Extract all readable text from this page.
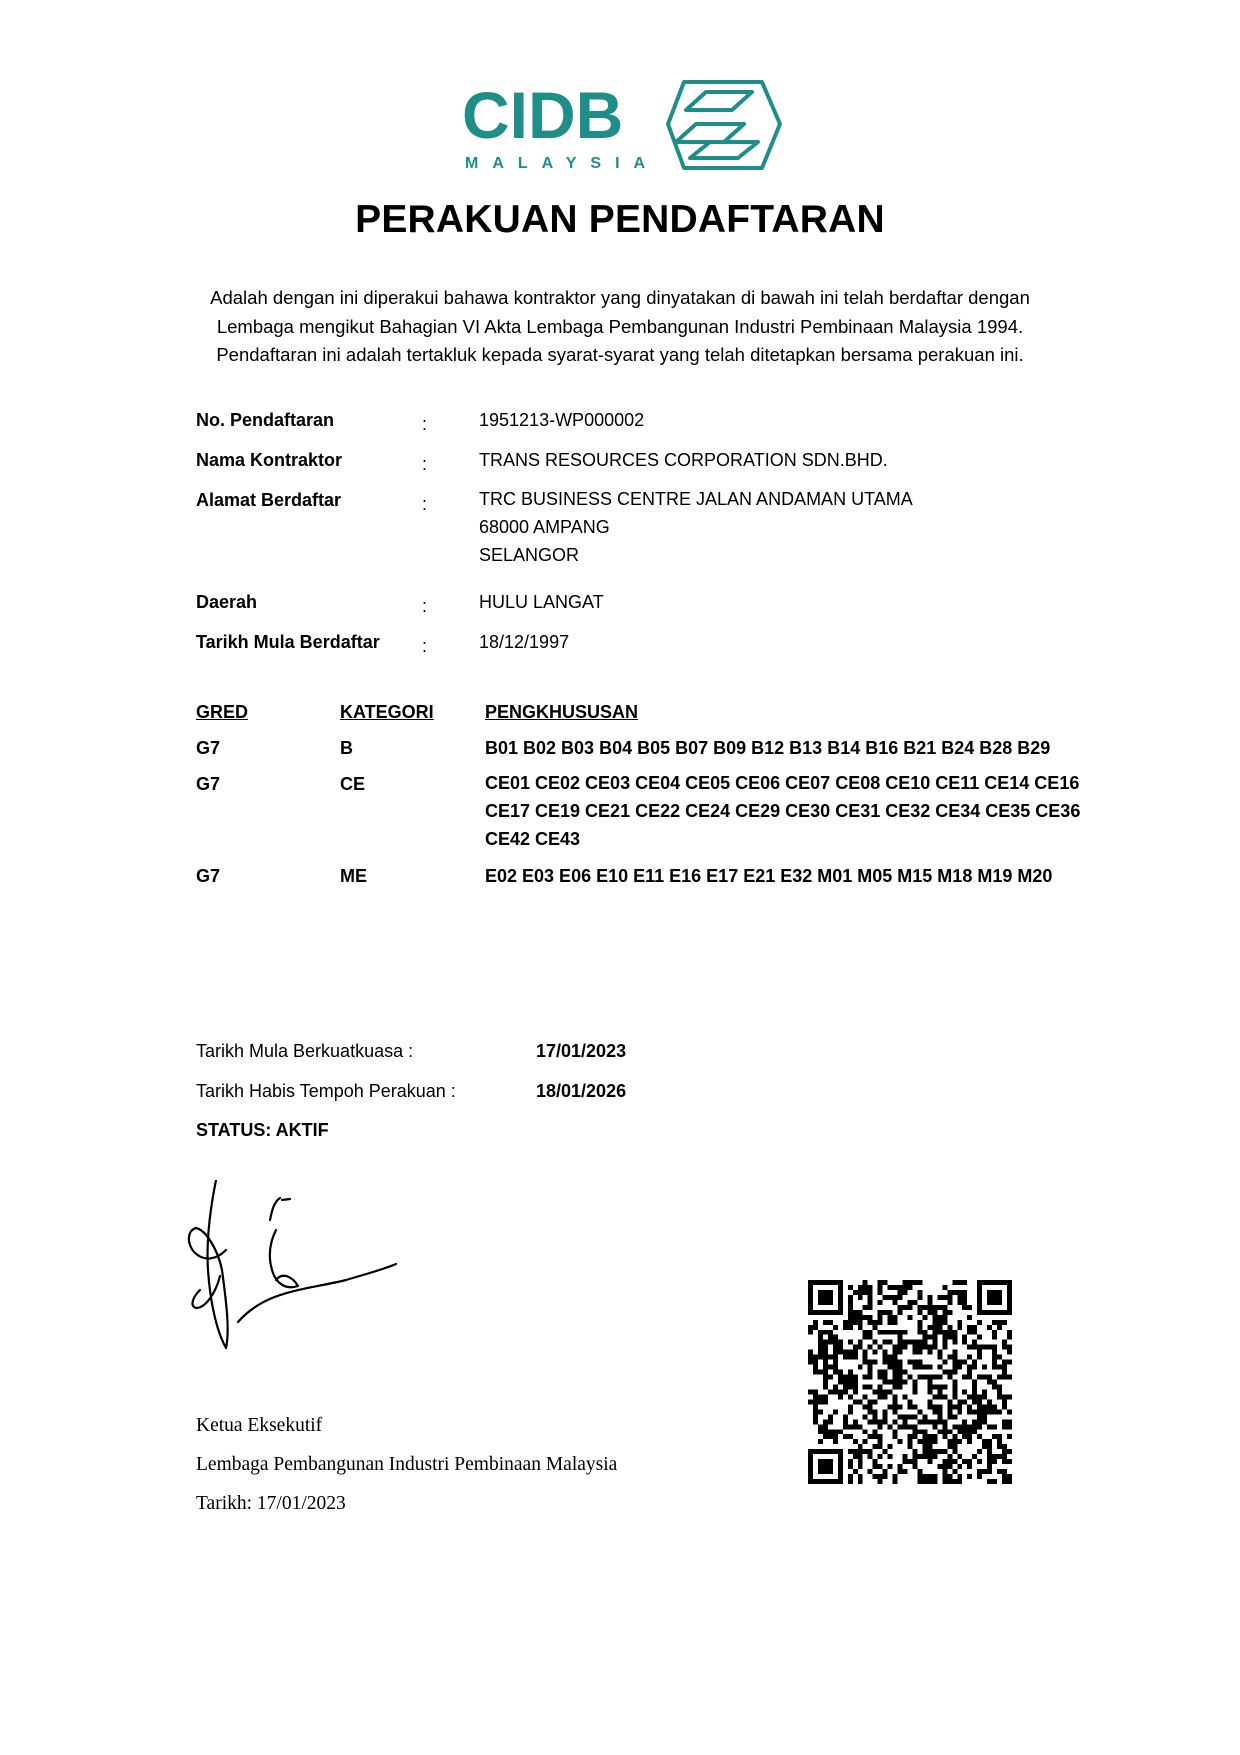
CIDB
MALAYSIA
PERAKUAN PENDAFTARAN
Adalah dengan ini diperakui bahawa kontraktor yang dinyatakan di bawah ini telah berdaftar dengan
Lembaga mengikut Bahagian VI Akta Lembaga Pembangunan Industri Pembinaan Malaysia 1994.
Pendaftaran ini adalah tertakluk kepada syarat-syarat yang telah ditetapkan bersama perakuan ini.
No. Pendaftaran	:	1951213-WP000002
Nama Kontraktor	:	TRANS RESOURCES CORPORATION SDN.BHD.
Alamat Berdaftar	:	TRC BUSINESS CENTRE JALAN ANDAMAN UTAMA
68000 AMPANG
SELANGOR
Daerah	:	HULU LANGAT
Tarikh Mula Berdaftar :	18/12/1997
GRED	KATEGORI	PENGKHUSUSAN
G7	B	B01 B02 B03 B04 B05 B07 B09 B12 B13 B14 B16 B21 B24 B28 B29
G7	CE	CE01 CE02 CE03 CE04 CE05 CE06 CE07 CE08 CE10 CE11 CE14 CE16
CE17 CE19 CE21 CE22 CE24 CE29 CE30 CE31 CE32 CE34 CE35 CE36
CE42 CE43
G7	ME	E02 E03 E06 E10 E11 E16 E17 E21 E32 M01 M05 M15 M18 M19 M20
Tarikh Mula Berkuatkuasa :	17/01/2023
Tarikh Habis Tempoh Perakuan :	18/01/2026
STATUS: AKTIF
Ketua Eksekutif
Lembaga Pembangunan Industri Pembinaan Malaysia
Tarikh: 17/01/2023
